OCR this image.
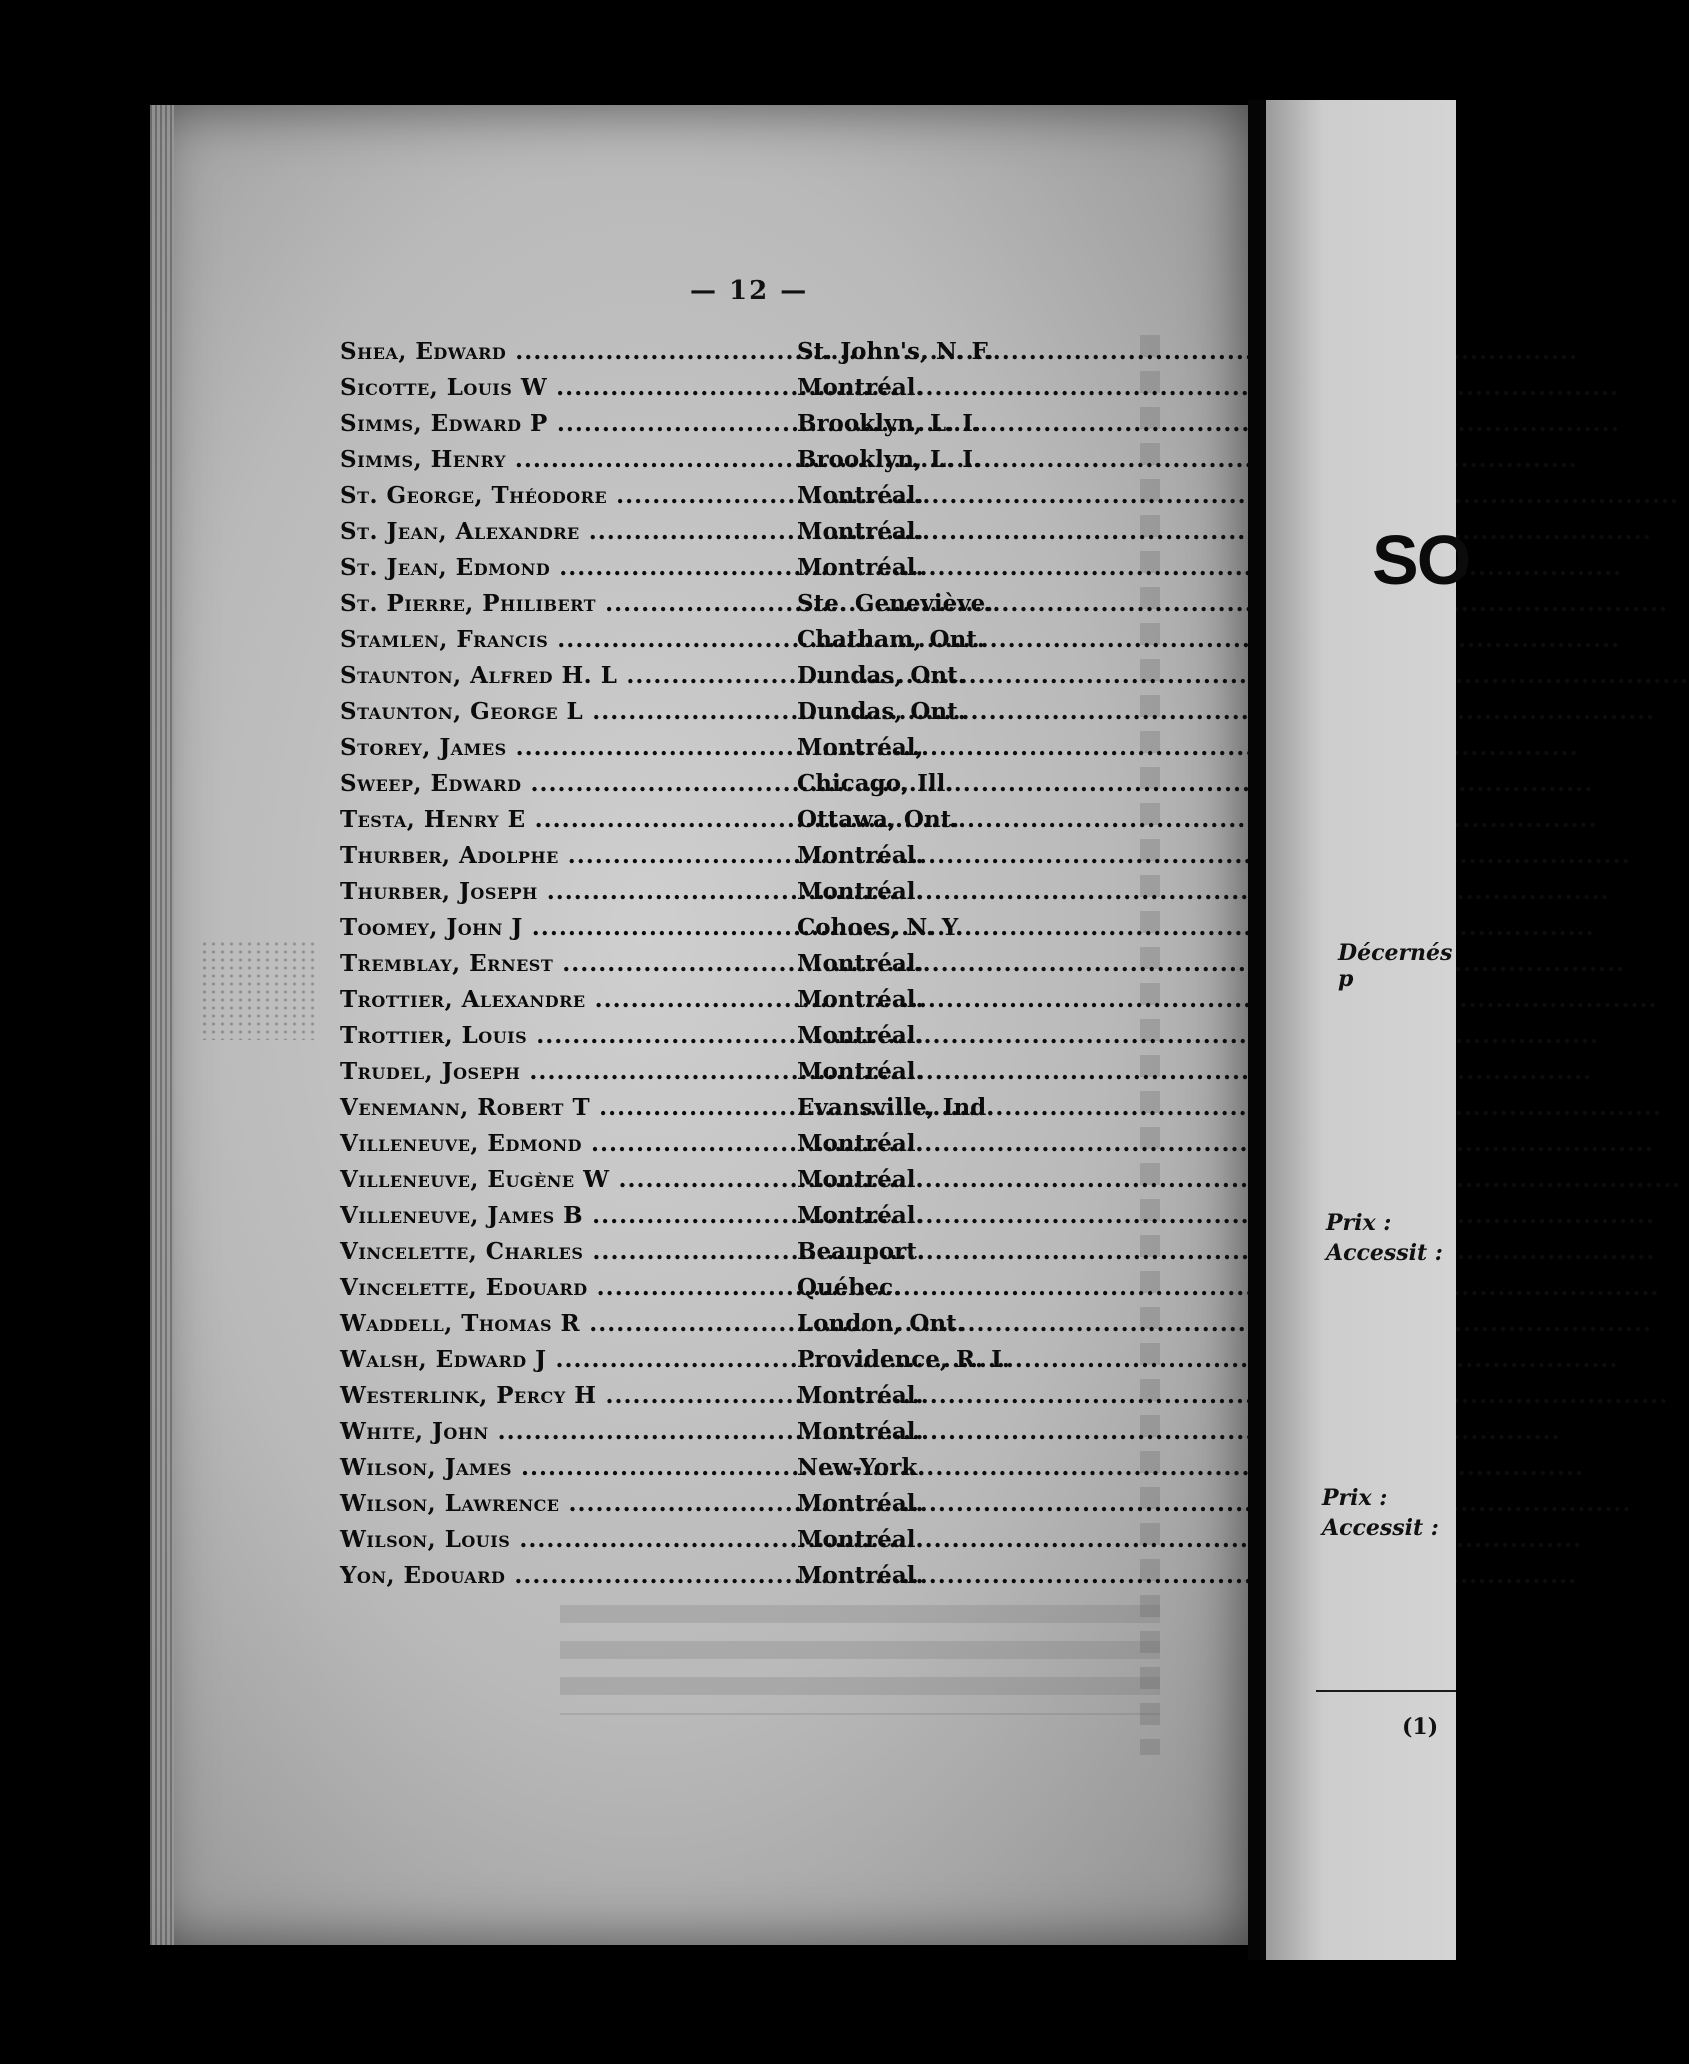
— 12 —
Shea, Edward .....	St. John's, N. F.
Sicotte, Louis W .....	Montréal.
Simms, Edward P .....	Brooklyn, L. I.
Simms, Henry .....	Brooklyn, L. I.
St. George, Théodore .....	Montréal.
St. Jean, Alexandre .....	Montréal.
St. Jean, Edmond .....	Montréal.
St. Pierre, Philibert .....	Ste. Geneviève.
Stamlen, Francis .....	Chatham, Ont.
Staunton, Alfred H. L .....	Dundas, Ont.
Staunton, George L .....	Dundas, Ont.
Storey, James .....	Montréal,
Sweep, Edward .....	Chicago, Ill.
Testa, Henry E .....	Ottawa, Ont.
Thurber, Adolphe .....	Montréal.
Thurber, Joseph .....	Montréal.
Toomey, John J .....	Cohoes, N. Y.
Tremblay, Ernest .....	Montréal.
Trottier, Alexandre .....	Montréal.
Trottier, Louis .....	Montréal.
Trudel, Joseph .....	Montréal.
Venemann, Robert T .....	Evansville, Ind.
Villeneuve, Edmond .....	Montréal.
Villeneuve, Eugène W .....	Montréal.
Villeneuve, James B .....	Montréal.
Vincelette, Charles .....	Beauport.
Vincelette, Edouard .....	Québec.
Waddell, Thomas R .....	London, Ont.
Walsh, Edward J .....	Providence, R. I.
Westerlink, Percy H .....	Montréal.
White, John .....	Montréal.
Wilson, James .....	New-York.
Wilson, Lawrence .....	Montréal.
Wilson, Louis .....	Montréal.
Yon, Edouard .....	Montréal.
SO
Décernés p
Prix :
Accessit :
Prix :
Accessit :
(1)
